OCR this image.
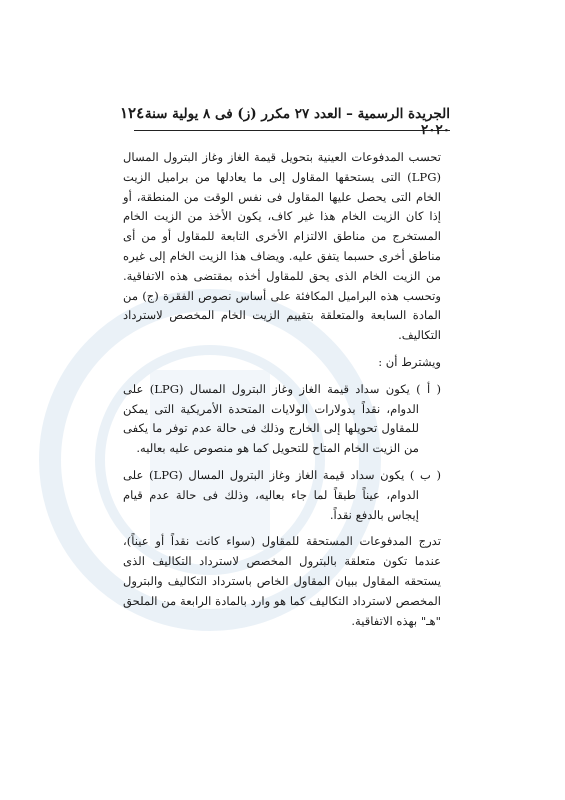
١٢٤ الجريدة الرسمية – العدد ٢٧ مكرر (ز) فى ٨ يولية سنة ٢٠٢٠

تحسب المدفوعات العينية بتحويل قيمة الغاز وغاز البترول المسال (LPG) التى يستحقها المقاول إلى ما يعادلها من براميل الزيت الخام التى يحصل عليها المقاول فى نفس الوقت من المنطقة، أو إذا كان الزيت الخام هذا غير كاف، يكون الأخذ من الزيت الخام المستخرج من مناطق الالتزام الأخرى التابعة للمقاول أو من أى مناطق أخرى حسبما يتفق عليه. ويضاف هذا الزيت الخام إلى غيره من الزيت الخام الذى يحق للمقاول أخذه بمقتضى هذه الاتفاقية. وتحسب هذه البراميل المكافئة على أساس نصوص الفقرة (ج) من المادة السابعة والمتعلقة بتقييم الزيت الخام المخصص لاسترداد التكاليف.

ويشترط أن :

( أ ) يكون سداد قيمة الغاز وغاز البترول المسال (LPG) على الدوام، نقداً بدولارات الولايات المتحدة الأمريكية التى يمكن للمقاول تحويلها إلى الخارج وذلك فى حالة عدم توفر ما يكفى من الزيت الخام المتاح للتحويل كما هو منصوص عليه بعاليه.

( ب ) يكون سداد قيمة الغاز وغاز البترول المسال (LPG) على الدوام، عيناً طبقاً لما جاء بعاليه، وذلك فى حالة عدم قيام إيجاس بالدفع نقداً.

تدرج المدفوعات المستحقة للمقاول (سواء كانت نقداً أو عيناً)، عندما تكون متعلقة بالبترول المخصص لاسترداد التكاليف الذى يستحقه المقاول ببيان المقاول الخاص باسترداد التكاليف والبترول المخصص لاسترداد التكاليف كما هو وارد بالمادة الرابعة من الملحق "هـ" بهذه الاتفاقية.
